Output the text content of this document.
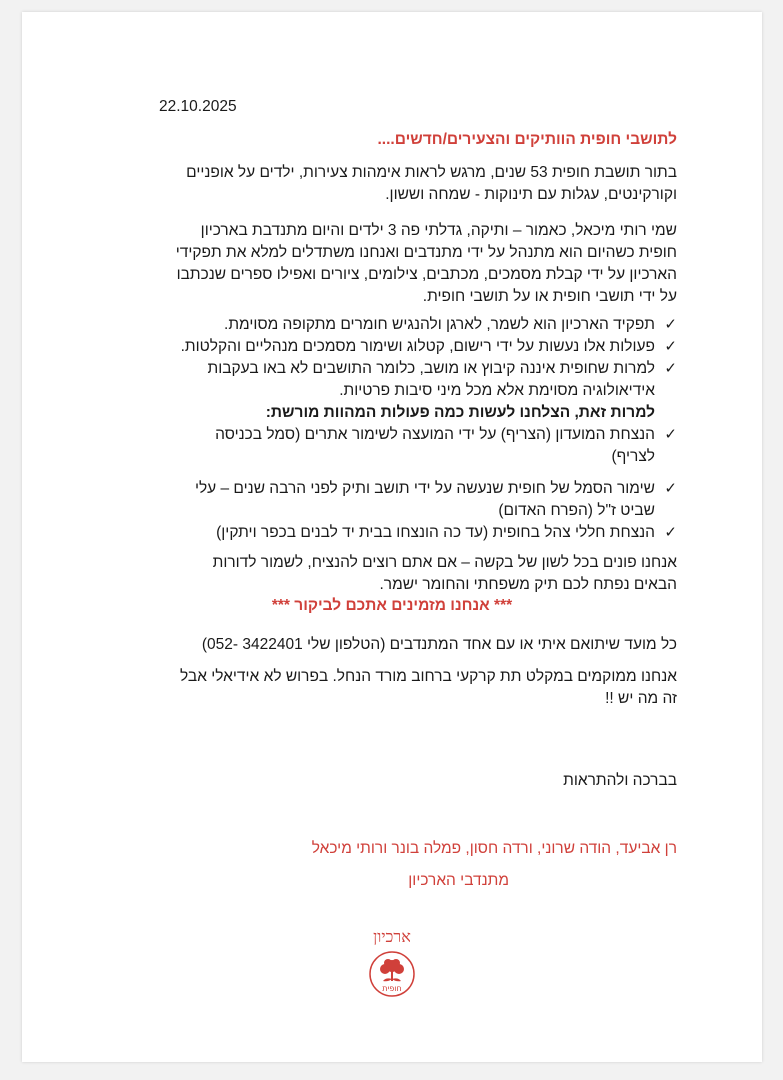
22.10.2025
לתושבי חופית הוותיקים והצעירים/חדשים....

בתור תושבת חופית 53 שנים, מרגש לראות אימהות צעירות, ילדים על אופניים
וקורקינטים, עגלות עם תינוקות - שמחה וששון.

שמי רותי מיכאל, כאמור – ותיקה, גדלתי פה 3 ילדים והיום מתנדבת בארכיון
חופית כשהיום הוא מתנהל על ידי מתנדבים ואנחנו משתדלים למלא את תפקידי
הארכיון על ידי קבלת מסמכים, מכתבים, צילומים, ציורים ואפילו ספרים שנכתבו
על ידי תושבי חופית או על תושבי חופית.

✓
תפקיד הארכיון הוא לשמר, לארגן ולהנגיש חומרים מתקופה מסוימת.
✓
פעולות אלו נעשות על ידי רישום, קטלוג ושימור מסמכים מנהליים והקלטות.
✓
למרות שחופית איננה קיבוץ או מושב, כלומר התושבים לא באו בעקבות
אידיאולוגיה מסוימת אלא מכל מיני סיבות פרטיות.
למרות זאת, הצלחנו לעשות כמה פעולות המהוות מורשת:
✓
הנצחת המועדון (הצריף) על ידי המועצה לשימור אתרים (סמל בכניסה
לצריף)
✓
שימור הסמל של חופית שנעשה על ידי תושב ותיק לפני הרבה שנים – עלי
שביט ז"ל (הפרח האדום)
✓
הנצחת חללי צהל בחופית (עד כה הונצחו בבית יד לבנים בכפר ויתקין)

אנחנו פונים בכל לשון של בקשה – אם אתם רוצים להנציח, לשמור לדורות
הבאים נפתח לכם תיק משפחתי והחומר ישמר.

*** אנחנו מזמינים אתכם לביקור ***

כל מועד שיתואם איתי או עם אחד המתנדבים (הטלפון שלי 3422401 -052)

אנחנו ממוקמים במקלט תת קרקעי ברחוב מורד הנחל. בפרוש לא אידיאלי אבל
זה מה יש !!

בברכה ולהתראות

רן אביעד, הודה שרוני, ורדה חסון, פמלה בונר ורותי מיכאל
מתנדבי הארכיון
ארכיון
חופית
